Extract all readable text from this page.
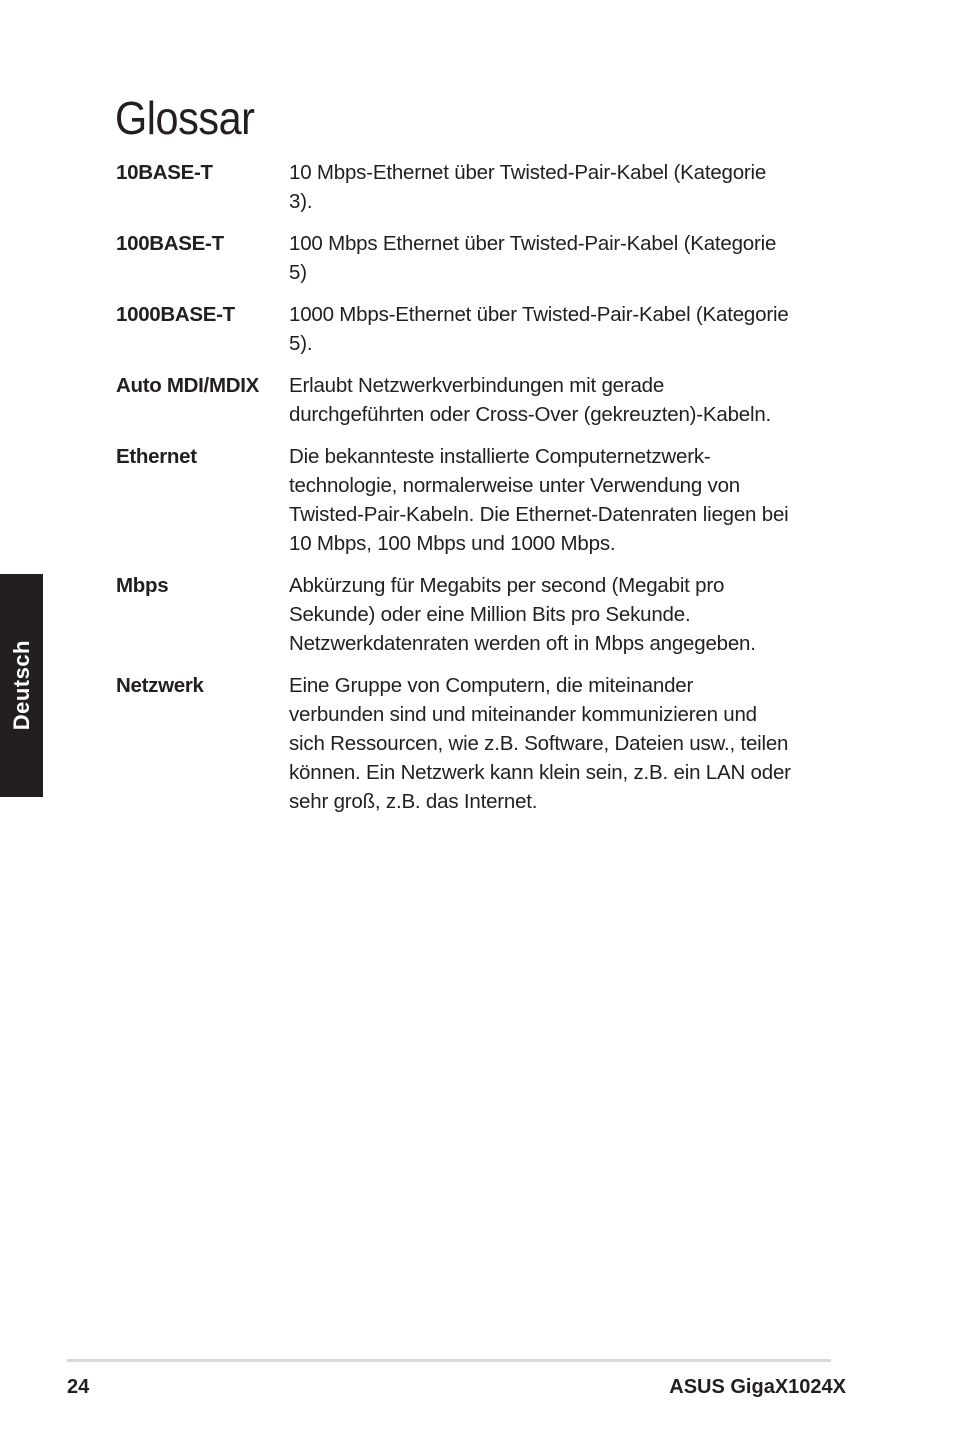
Glossar
10BASE-T	10 Mbps-Ethernet über Twisted-Pair-Kabel (Kategorie
3).
100BASE-T	100 Mbps Ethernet über Twisted-Pair-Kabel (Kategorie
5)
1000BASE-T	1000 Mbps-Ethernet über Twisted-Pair-Kabel (Kategorie
5).
Auto MDI/MDIX	Erlaubt Netzwerkverbindungen mit gerade
durchgeführten oder Cross-Over (gekreuzten)-Kabeln.
Ethernet	Die bekannteste installierte Computernetzwerk-
technologie, normalerweise unter Verwendung von
Twisted-Pair-Kabeln. Die Ethernet-Datenraten liegen bei
10 Mbps, 100 Mbps und 1000 Mbps.
Mbps	Abkürzung für Megabits per second (Megabit pro
Sekunde) oder eine Million Bits pro Sekunde.
Netzwerkdatenraten werden oft in Mbps angegeben.
Netzwerk	Eine Gruppe von Computern, die miteinander
verbunden sind und miteinander kommunizieren und
sich Ressourcen, wie z.B. Software, Dateien usw., teilen
können. Ein Netzwerk kann klein sein, z.B. ein LAN oder
sehr groß, z.B. das Internet.
Deutsch
24	ASUS GigaX1024X
